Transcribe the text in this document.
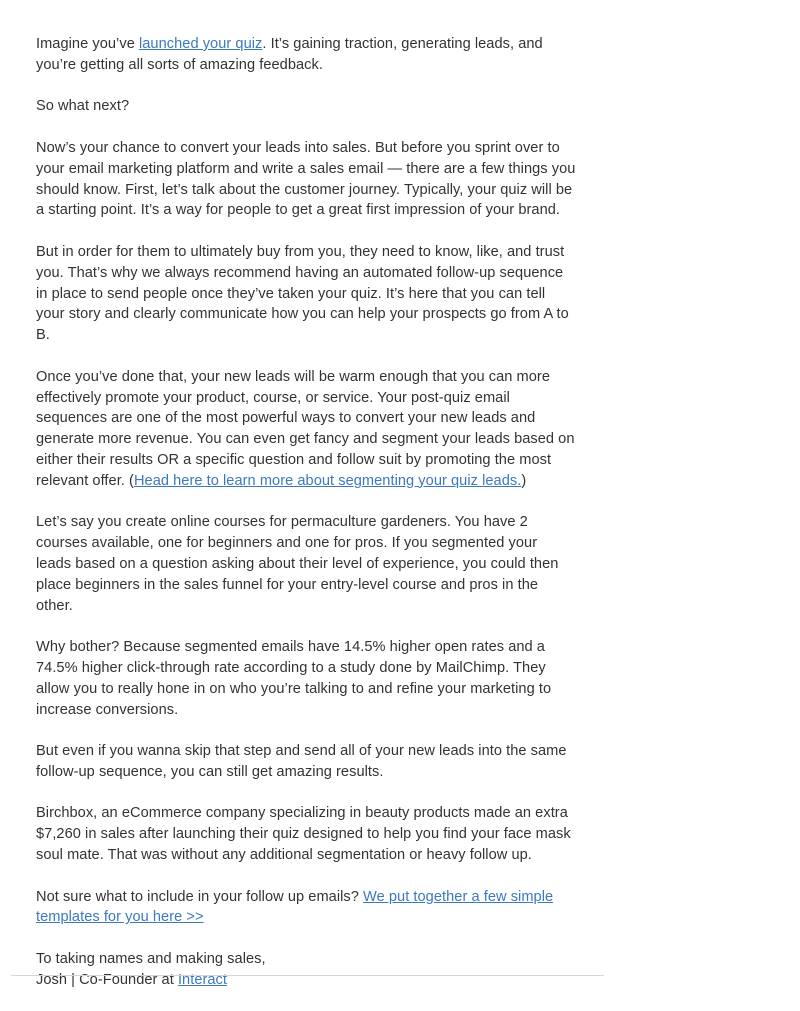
Imagine you’ve launched your quiz. It’s gaining traction, generating leads, and you’re getting all sorts of amazing feedback.

So what next?

Now’s your chance to convert your leads into sales. But before you sprint over to your email marketing platform and write a sales email — there are a few things you should know. First, let’s talk about the customer journey. Typically, your quiz will be a starting point. It’s a way for people to get a great first impression of your brand.

But in order for them to ultimately buy from you, they need to know, like, and trust you. That’s why we always recommend having an automated follow-up sequence in place to send people once they’ve taken your quiz. It’s here that you can tell your story and clearly communicate how you can help your prospects go from A to B.

Once you’ve done that, your new leads will be warm enough that you can more effectively promote your product, course, or service. Your post-quiz email sequences are one of the most powerful ways to convert your new leads and generate more revenue. You can even get fancy and segment your leads based on either their results OR a specific question and follow suit by promoting the most relevant offer. (Head here to learn more about segmenting your quiz leads.)

Let’s say you create online courses for permaculture gardeners. You have 2 courses available, one for beginners and one for pros. If you segmented your leads based on a question asking about their level of experience, you could then place beginners in the sales funnel for your entry-level course and pros in the other.

Why bother? Because segmented emails have 14.5% higher open rates and a 74.5% higher click-through rate according to a study done by MailChimp. They allow you to really hone in on who you’re talking to and refine your marketing to increase conversions.

But even if you wanna skip that step and send all of your new leads into the same follow-up sequence, you can still get amazing results.

Birchbox, an eCommerce company specializing in beauty products made an extra $7,260 in sales after launching their quiz designed to help you find your face mask soul mate. That was without any additional segmentation or heavy follow up.

Not sure what to include in your follow up emails? We put together a few simple templates for you here >>

To taking names and making sales,
Josh | Co-Founder at Interact
